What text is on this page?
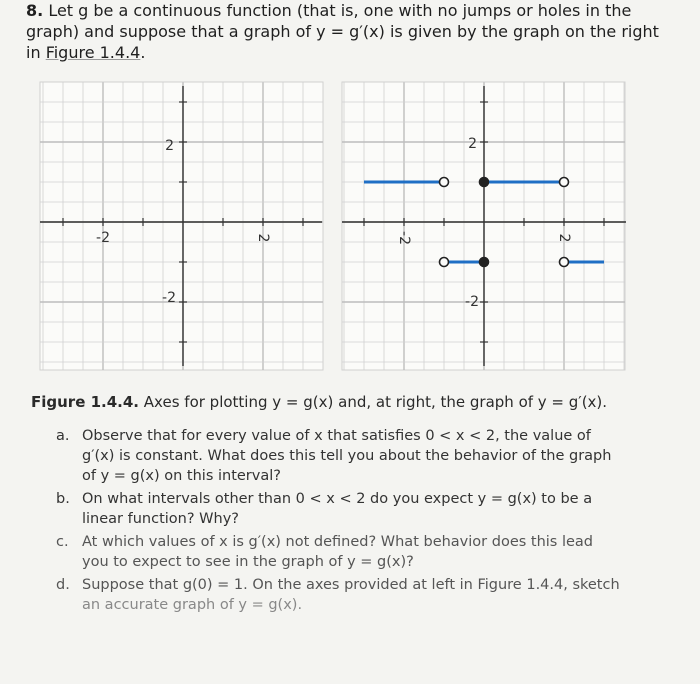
8. Let g be a continuous function (that is, one with no jumps or holes in the
graph) and suppose that a graph of y = g′(x) is given by the graph on the right
in Figure 1.4.4.
-2	2
2
-2
-2	2
2
-2
Figure 1.4.4. Axes for plotting y = g(x) and, at right, the graph of y = g′(x).
a. Observe that for every value of x that satisfies 0 < x < 2, the value of
g′(x) is constant. What does this tell you about the behavior of the graph
of y = g(x) on this interval?
b. On what intervals other than 0 < x < 2 do you expect y = g(x) to be a
linear function? Why?
c. At which values of x is g′(x) not defined? What behavior does this lead
you to expect to see in the graph of y = g(x)?
d. Suppose that g(0) = 1. On the axes provided at left in Figure 1.4.4, sketch
an accurate graph of y = g(x).
